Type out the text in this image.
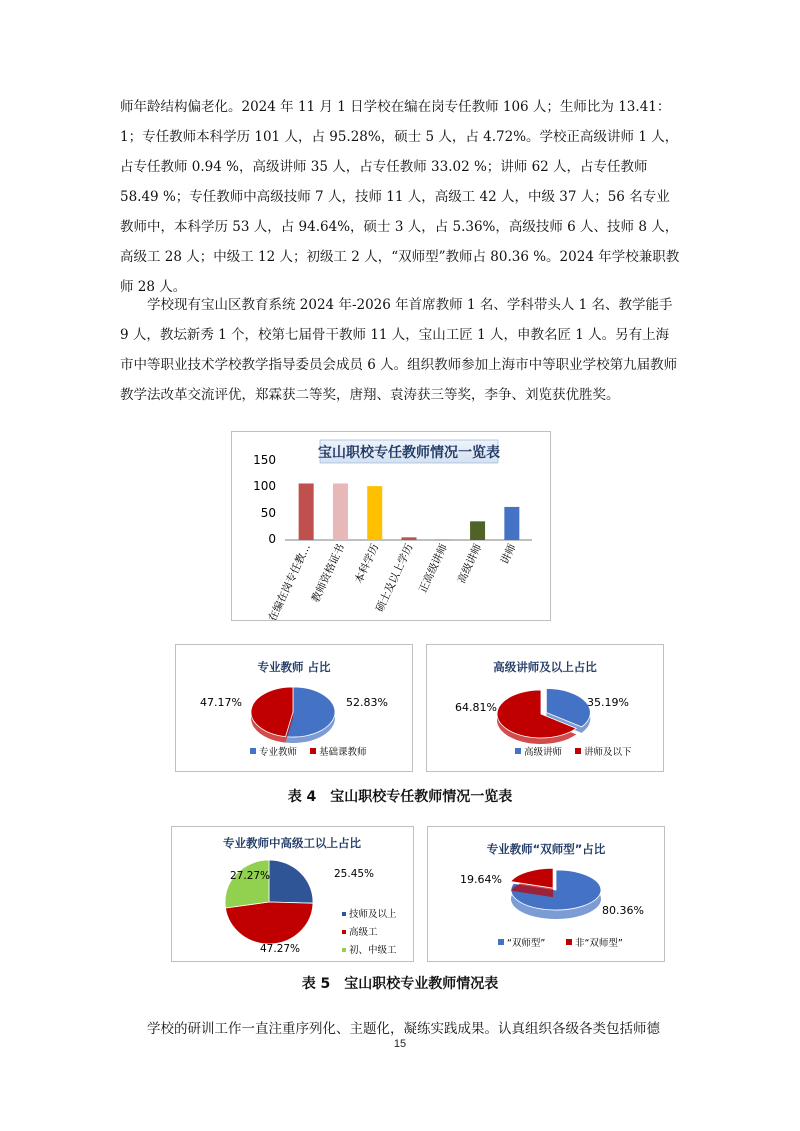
师年龄结构偏老化。2024 年 11 月 1 日学校在编在岗专任教师 106 人；生师比为 13.41：1；专任教师本科学历 101 人，占 95.28%，硕士 5 人，占 4.72%。学校正高级讲师 1 人，占专任教师 0.94 %，高级讲师 35 人，占专任教师 33.02 %；讲师 62 人，占专任教师 58.49 %；专任教师中高级技师 7 人，技师 11 人，高级工 42 人，中级 37 人；56 名专业教师中，本科学历 53 人，占 94.64%，硕士 3 人，占 5.36%，高级技师 6 人、技师 8 人，高级工 28 人；中级工 12 人；初级工 2 人，“双师型”教师占 80.36 %。2024 年学校兼职教师 28 人。

学校现有宝山区教育系统 2024 年-2026 年首席教师 1 名、学科带头人 1 名、教学能手 9 人，教坛新秀 1 个，校第七届骨干教师 11 人，宝山工匠 1 人，申教名匠 1 人。另有上海市中等职业技术学校教学指导委员会成员 6 人。组织教师参加上海市中等职业学校第九届教师教学法改革交流评优，郑霖获二等奖，唐翔、袁涛获三等奖，李争、刘览获优胜奖。

宝山职校专任教师情况一览表
150
100
50
0
在编在岗专任教…
教师资格证书 本科学历
硕士及以上学历 正高级讲师 高级讲师 讲师
专业教师 占比
47.17%	52.83%
专业教师 基础课教师
高级讲师及以上占比
64.81%	35.19%
高级讲师 讲师及以下
表 4　宝山职校专任教师情况一览表
专业教师中高级工以上占比
27.27%	25.45%
47.27%
技师及以上
高级工
初、中级工
专业教师“双师型”占比
19.64%
80.36%
“双师型”	非“双师型”
表 5　宝山职校专业教师情况表

学校的研训工作一直注重序列化、主题化，凝练实践成果。认真组织各级各类包括师德

15
